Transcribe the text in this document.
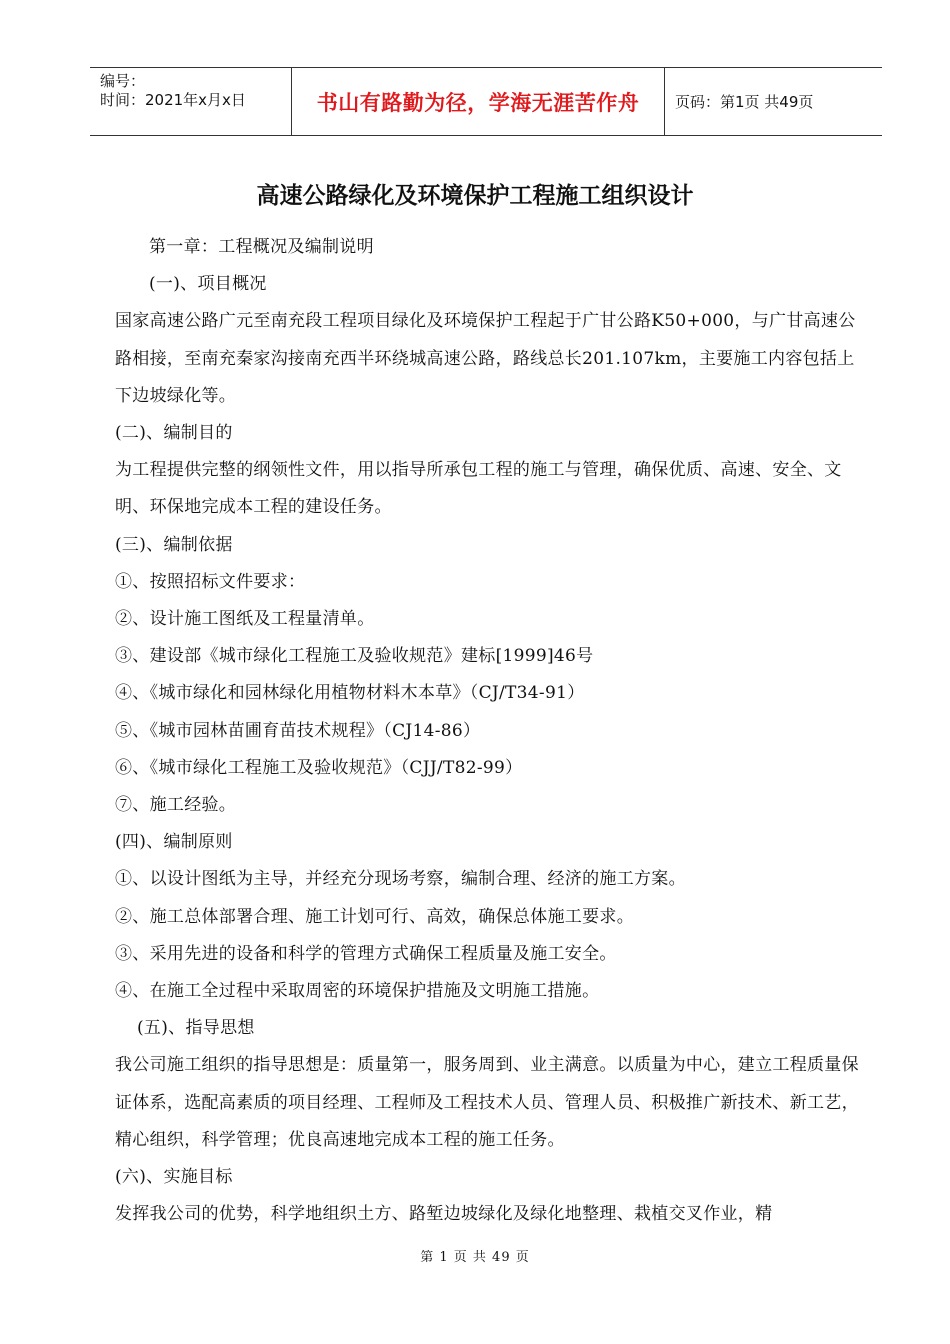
编号：
时间：2021年x月x日	书山有路勤为径，学海无涯苦作舟	页码：第1页 共49页
高速公路绿化及环境保护工程施工组织设计

第一章：工程概况及编制说明

(一)、项目概况

国家高速公路广元至南充段工程项目绿化及环境保护工程起于广甘公路K50+000，与广甘高速公路相接，至南充秦家沟接南充西半环绕城高速公路，路线总长201.107km，主要施工内容包括上下边坡绿化等。

(二)、编制目的

为工程提供完整的纲领性文件，用以指导所承包工程的施工与管理，确保优质、高速、安全、文明、环保地完成本工程的建设任务。

(三)、编制依据

①、按照招标文件要求：

②、设计施工图纸及工程量清单。

③、建设部《城市绿化工程施工及验收规范》建标[1999]46号

④、《城市绿化和园林绿化用植物材料木本草》（CJ/T34-91）

⑤、《城市园林苗圃育苗技术规程》（CJ14-86）

⑥、《城市绿化工程施工及验收规范》（CJJ/T82-99）

⑦、施工经验。

(四)、编制原则

①、以设计图纸为主导，并经充分现场考察，编制合理、经济的施工方案。

②、施工总体部署合理、施工计划可行、高效，确保总体施工要求。

③、采用先进的设备和科学的管理方式确保工程质量及施工安全。

④、在施工全过程中采取周密的环境保护措施及文明施工措施。

(五)、指导思想

我公司施工组织的指导思想是：质量第一，服务周到、业主满意。以质量为中心，建立工程质量保证体系，选配高素质的项目经理、工程师及工程技术人员、管理人员、积极推广新技术、新工艺，精心组织，科学管理；优良高速地完成本工程的施工任务。

(六)、实施目标

发挥我公司的优势，科学地组织土方、路堑边坡绿化及绿化地整理、栽植交叉作业，精

第 1 页 共 49 页
